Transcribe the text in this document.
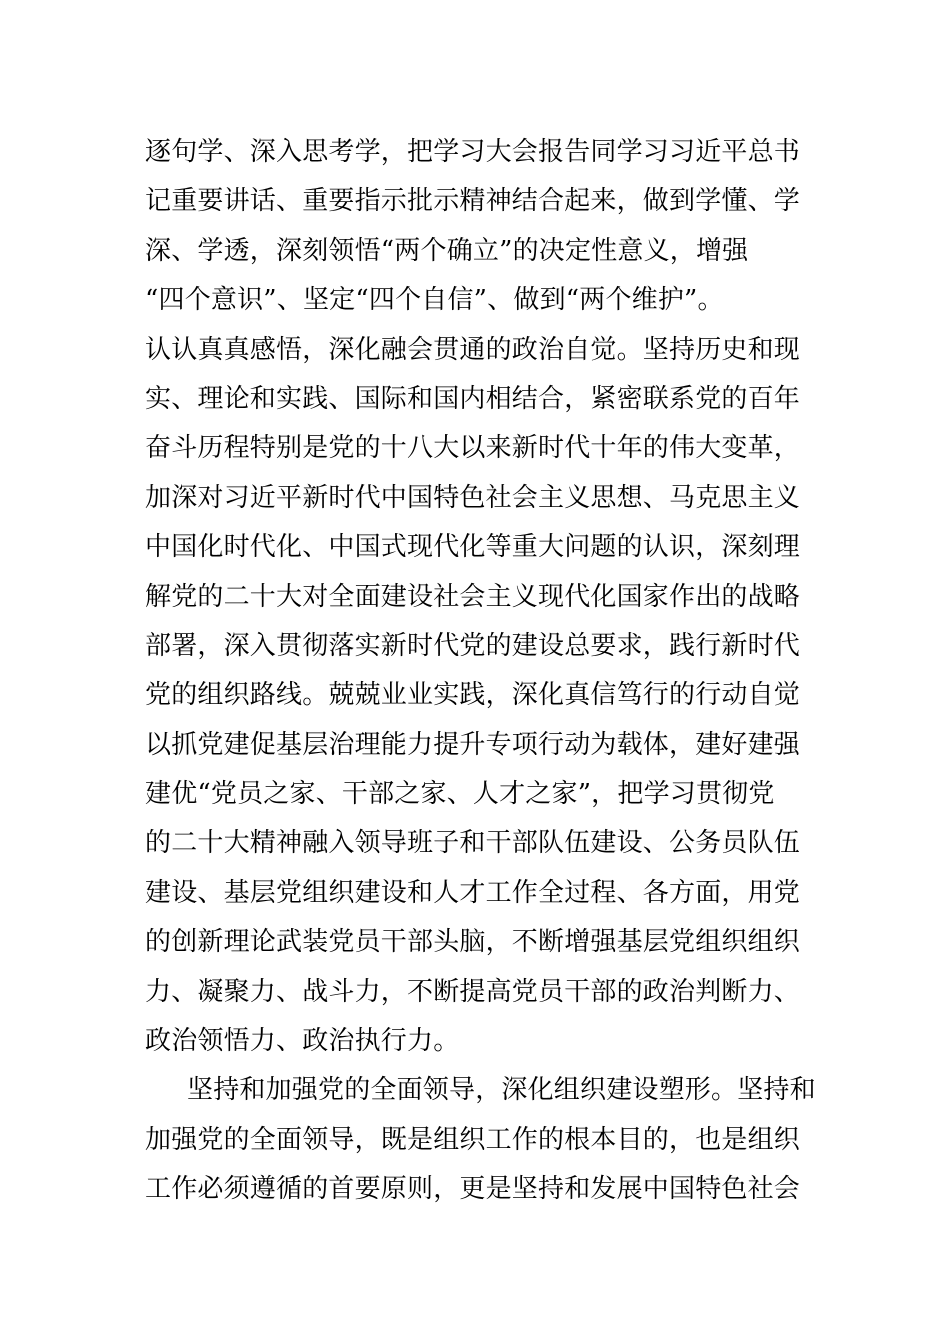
逐句学、深入思考学，把学习大会报告同学习习近平总书
记重要讲话、重要指示批示精神结合起来，做到学懂、学
深、学透，深刻领悟“两个确立”的决定性意义，增强
“四个意识”、坚定“四个自信”、做到“两个维护”。
认认真真感悟，深化融会贯通的政治自觉。坚持历史和现
实、理论和实践、国际和国内相结合，紧密联系党的百年
奋斗历程特别是党的十八大以来新时代十年的伟大变革，
加深对习近平新时代中国特色社会主义思想、马克思主义
中国化时代化、中国式现代化等重大问题的认识，深刻理
解党的二十大对全面建设社会主义现代化国家作出的战略
部署，深入贯彻落实新时代党的建设总要求，践行新时代
党的组织路线。兢兢业业实践，深化真信笃行的行动自觉
以抓党建促基层治理能力提升专项行动为载体，建好建强
建优“党员之家、干部之家、人才之家”，把学习贯彻党
的二十大精神融入领导班子和干部队伍建设、公务员队伍
建设、基层党组织建设和人才工作全过程、各方面，用党
的创新理论武装党员干部头脑，不断增强基层党组织组织
力、凝聚力、战斗力，不断提高党员干部的政治判断力、
政治领悟力、政治执行力。
坚持和加强党的全面领导，深化组织建设塑形。坚持和
加强党的全面领导，既是组织工作的根本目的，也是组织
工作必须遵循的首要原则，更是坚持和发展中国特色社会
